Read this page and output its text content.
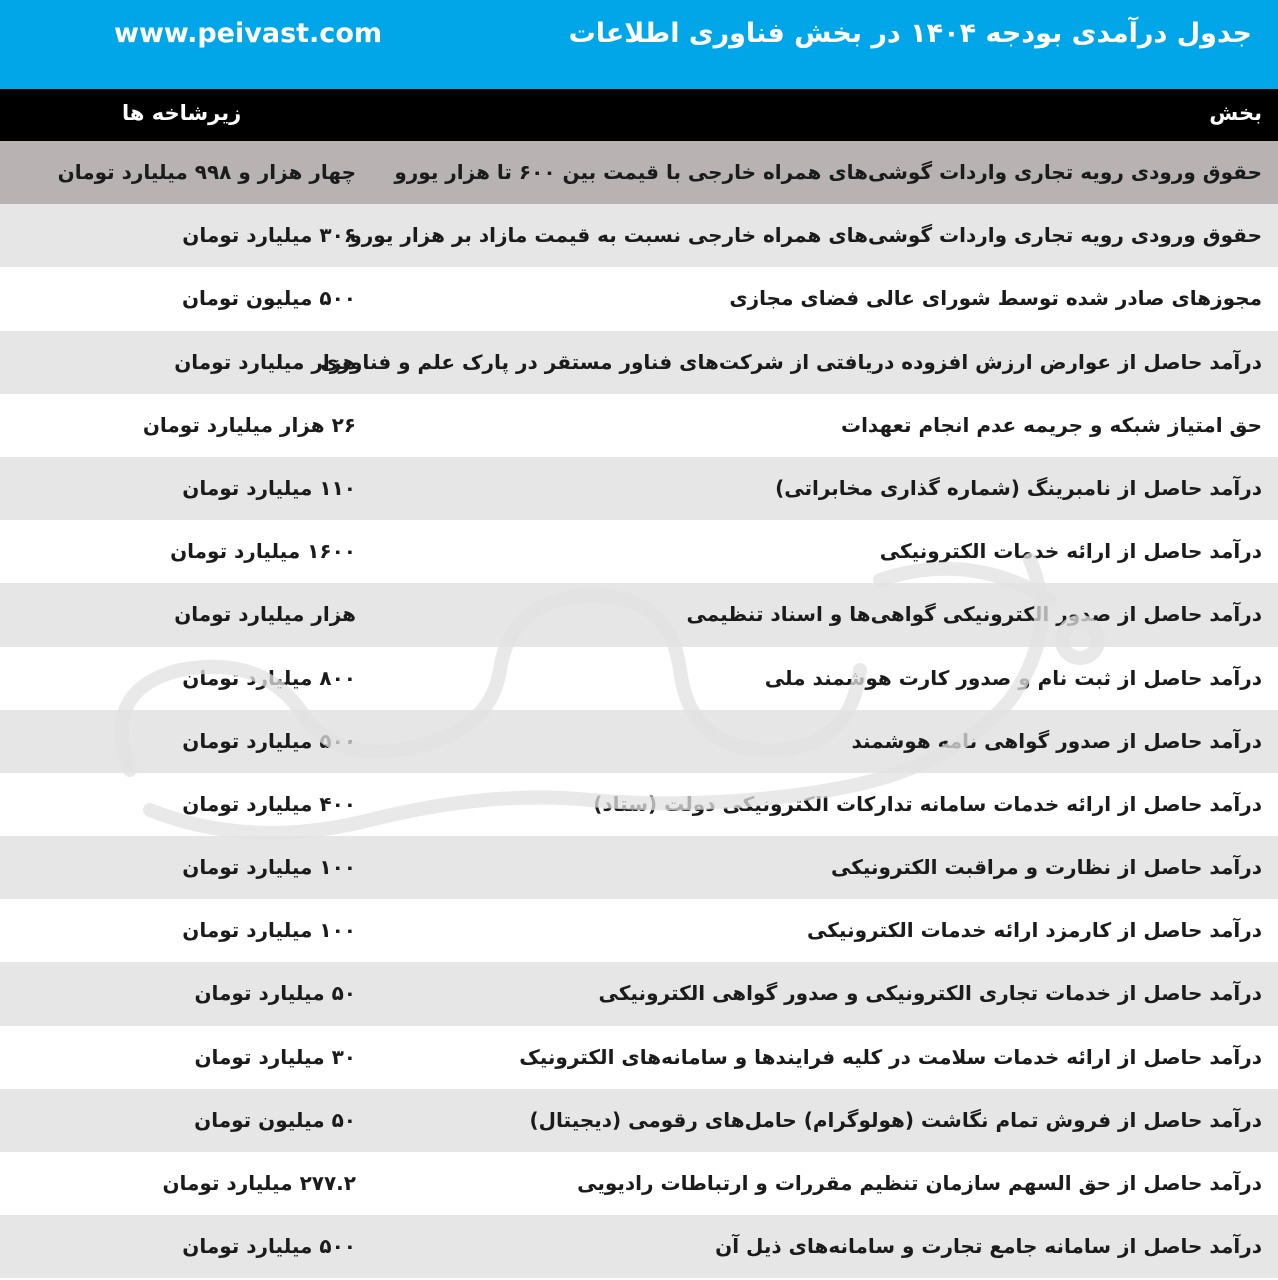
جدول درآمدی بودجه ۱۴۰۴ در بخش فناوری اطلاعات
www.peivast.com
بخش
زیرشاخه ها
حقوق ورودی رویه تجاری واردات گوشی‌های همراه خارجی با قیمت بین ۶۰۰ تا هزار یورو
چهار هزار و ۹۹۸ میلیارد تومان
حقوق ورودی رویه تجاری واردات گوشی‌های همراه خارجی نسبت به قیمت مازاد بر هزار یورو
۳۰۶ میلیارد تومان
مجوزهای صادر شده توسط شورای عالی فضای مجازی
۵۰۰ میلیون تومان
درآمد حاصل از عوارض ارزش افزوده دریافتی از شرکت‌های فناور مستقر در پارک علم و فناوری
هزار میلیارد تومان
حق امتیاز شبکه و جریمه عدم انجام تعهدات
۲۶ هزار میلیارد تومان
درآمد حاصل از نامبرینگ (شماره گذاری مخابراتی)
۱۱۰ میلیارد تومان
درآمد حاصل از ارائه خدمات الکترونیکی
۱۶۰۰ میلیارد تومان
درآمد حاصل از صدور الکترونیکی گواهی‌ها و اسناد تنظیمی
هزار میلیارد تومان
درآمد حاصل از ثبت نام و صدور کارت هوشمند ملی
۸۰۰ میلیارد تومان
درآمد حاصل از صدور گواهی نامه هوشمند
۵۰۰ میلیارد تومان
درآمد حاصل از ارائه خدمات سامانه تدارکات الکترونیکی دولت (ستاد)
۴۰۰ میلیارد تومان
درآمد حاصل از نظارت و مراقبت الکترونیکی
۱۰۰ میلیارد تومان
درآمد حاصل از کارمزد ارائه خدمات الکترونیکی
۱۰۰ میلیارد تومان
درآمد حاصل از خدمات تجاری الکترونیکی و صدور گواهی الکترونیکی
۵۰ میلیارد تومان
درآمد حاصل از ارائه خدمات سلامت در کلیه فرایندها و سامانه‌های الکترونیک
۳۰ میلیارد تومان
درآمد حاصل از فروش تمام نگاشت (هولوگرام) حامل‌های رقومی (دیجیتال)
۵۰ میلیون تومان
درآمد حاصل از حق السهم سازمان تنظیم مقررات و ارتباطات رادیویی
۲۷۷.۲ میلیارد تومان
درآمد حاصل از سامانه جامع تجارت و سامانه‌های ذیل آن
۵۰۰ میلیارد تومان
